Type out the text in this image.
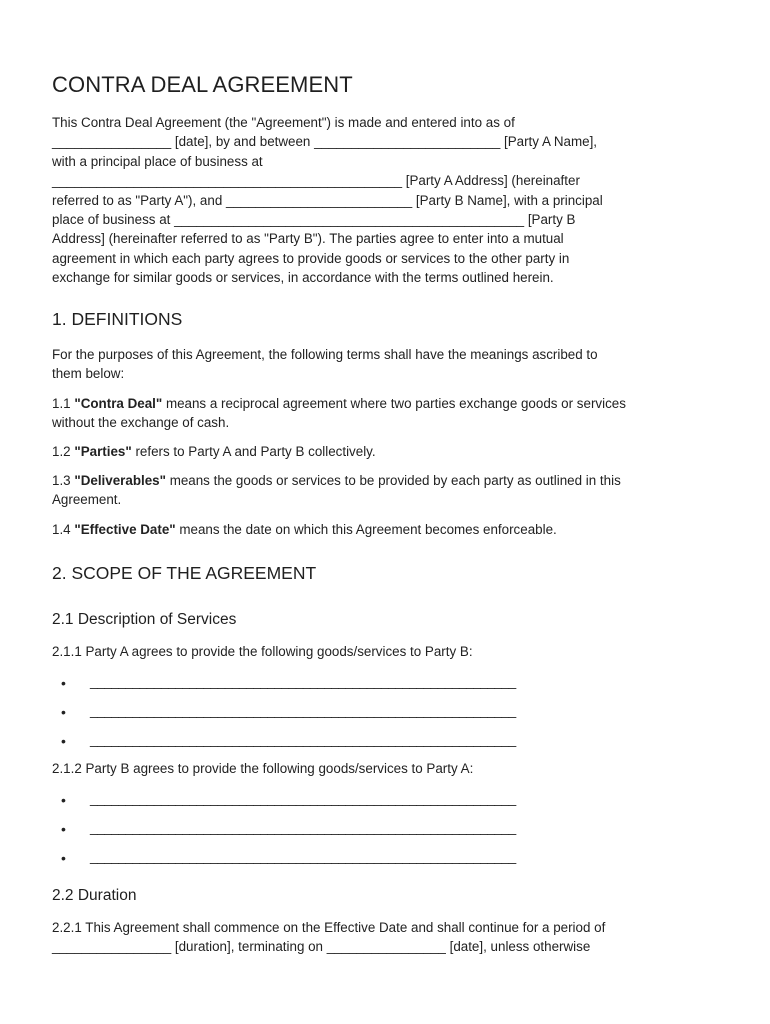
CONTRA DEAL AGREEMENT

This Contra Deal Agreement (the "Agreement") is made and entered into as of
________________ [date], by and between _________________________ [Party A Name],
with a principal place of business at
_______________________________________________ [Party A Address] (hereinafter
referred to as "Party A"), and _________________________ [Party B Name], with a principal
place of business at _______________________________________________ [Party B
Address] (hereinafter referred to as "Party B"). The parties agree to enter into a mutual
agreement in which each party agrees to provide goods or services to the other party in
exchange for similar goods or services, in accordance with the terms outlined herein.

1. DEFINITIONS

For the purposes of this Agreement, the following terms shall have the meanings ascribed to
them below:

1.1 "Contra Deal" means a reciprocal agreement where two parties exchange goods or services
without the exchange of cash.

1.2 "Parties" refers to Party A and Party B collectively.

1.3 "Deliverables" means the goods or services to be provided by each party as outlined in this
Agreement.

1.4 "Effective Date" means the date on which this Agreement becomes enforceable.

2. SCOPE OF THE AGREEMENT
2.1 Description of Services

2.1.1 Party A agrees to provide the following goods/services to Party B:

• ____________________________________________________________
• ____________________________________________________________
• ____________________________________________________________

2.1.2 Party B agrees to provide the following goods/services to Party A:

• ____________________________________________________________
• ____________________________________________________________
• ____________________________________________________________
2.2 Duration

2.2.1 This Agreement shall commence on the Effective Date and shall continue for a period of
________________ [duration], terminating on ________________ [date], unless otherwise
